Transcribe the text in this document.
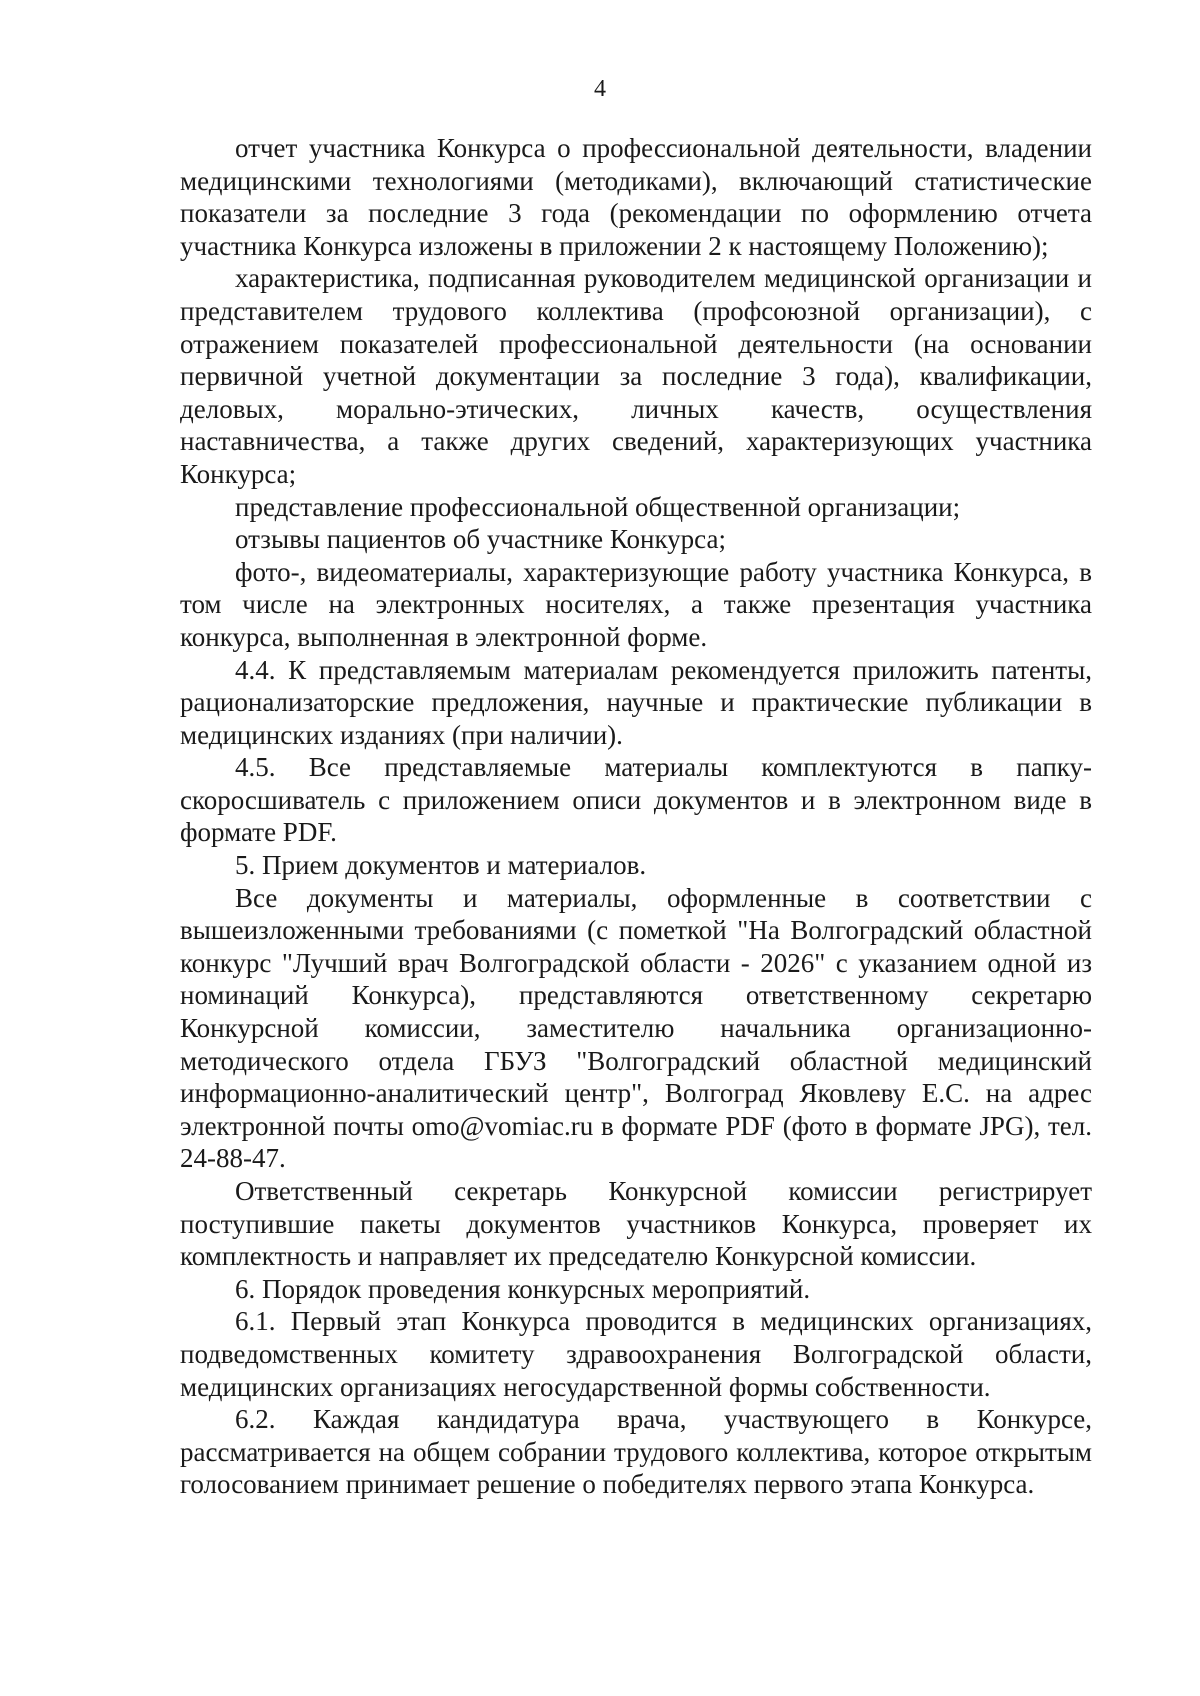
4

отчет участника Конкурса о профессиональной деятельности, владении медицинскими технологиями (методиками), включающий статистические показатели за последние 3 года (рекомендации по оформлению отчета участника Конкурса изложены в приложении 2 к настоящему Положению);

характеристика, подписанная руководителем медицинской организации и представителем трудового коллектива (профсоюзной организации), с отражением показателей профессиональной деятельности (на основании первичной учетной документации за последние 3 года), квалификации, деловых, морально-этических, личных качеств, осуществления наставничества, а также других сведений, характеризующих участника Конкурса;

представление профессиональной общественной организации;

отзывы пациентов об участнике Конкурса;

фото-, видеоматериалы, характеризующие работу участника Конкурса, в том числе на электронных носителях, а также презентация участника конкурса, выполненная в электронной форме.

4.4. К представляемым материалам рекомендуется приложить патенты, рационализаторские предложения, научные и практические публикации в медицинских изданиях (при наличии).

4.5. Все представляемые материалы комплектуются в папку-скоросшиватель с приложением описи документов и в электронном виде в формате PDF.

5. Прием документов и материалов.

Все документы и материалы, оформленные в соответствии с вышеизложенными требованиями (с пометкой "На Волгоградский областной конкурс "Лучший врач Волгоградской области - 2026" с указанием одной из номинаций Конкурса), представляются ответственному секретарю Конкурсной комиссии, заместителю начальника организационно-методического отдела ГБУЗ "Волгоградский областной медицинский информационно-аналитический центр", Волгоград Яковлеву Е.С. на адрес электронной почты omo@vomiac.ru в формате PDF (фото в формате JPG), тел. 24-88-47.

Ответственный секретарь Конкурсной комиссии регистрирует поступившие пакеты документов участников Конкурса, проверяет их комплектность и направляет их председателю Конкурсной комиссии.

6. Порядок проведения конкурсных мероприятий.

6.1. Первый этап Конкурса проводится в медицинских организациях, подведомственных комитету здравоохранения Волгоградской области, медицинских организациях негосударственной формы собственности.

6.2. Каждая кандидатура врача, участвующего в Конкурсе, рассматривается на общем собрании трудового коллектива, которое открытым голосованием принимает решение о победителях первого этапа Конкурса.
